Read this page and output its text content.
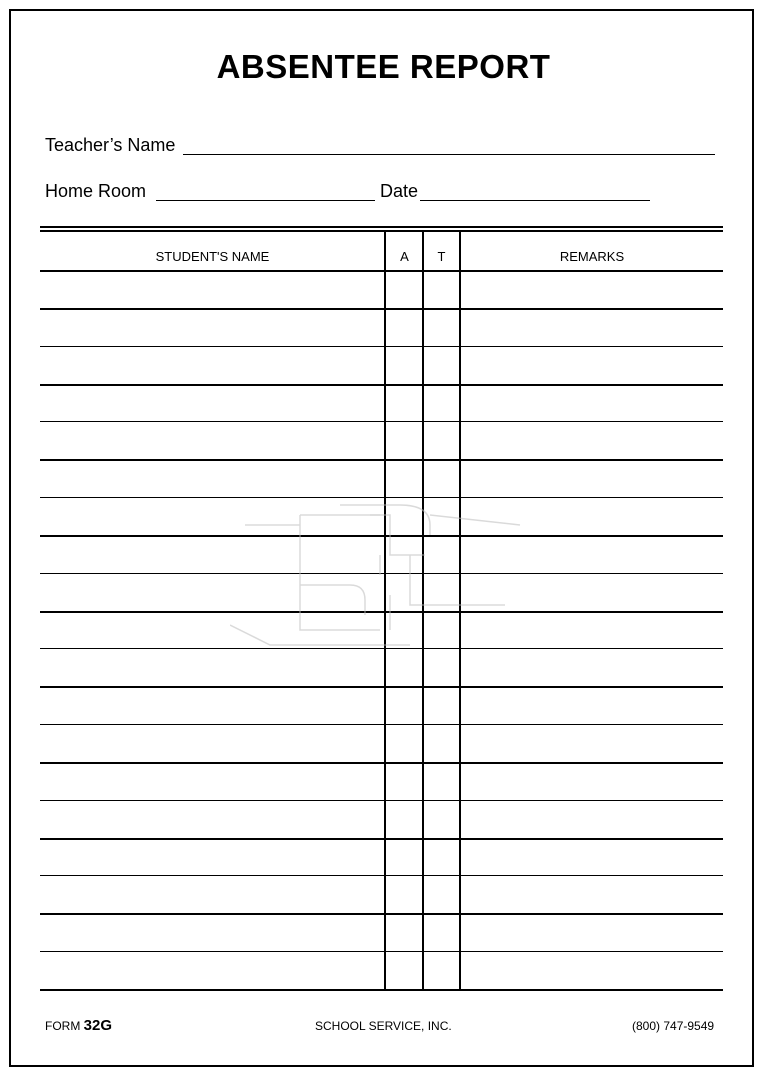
ABSENTEE REPORT
Teacher’s Name
Home Room	Date
STUDENT'S NAME	A	T	REMARKS
FORM 32G	SCHOOL SERVICE, INC.	(800) 747-9549
